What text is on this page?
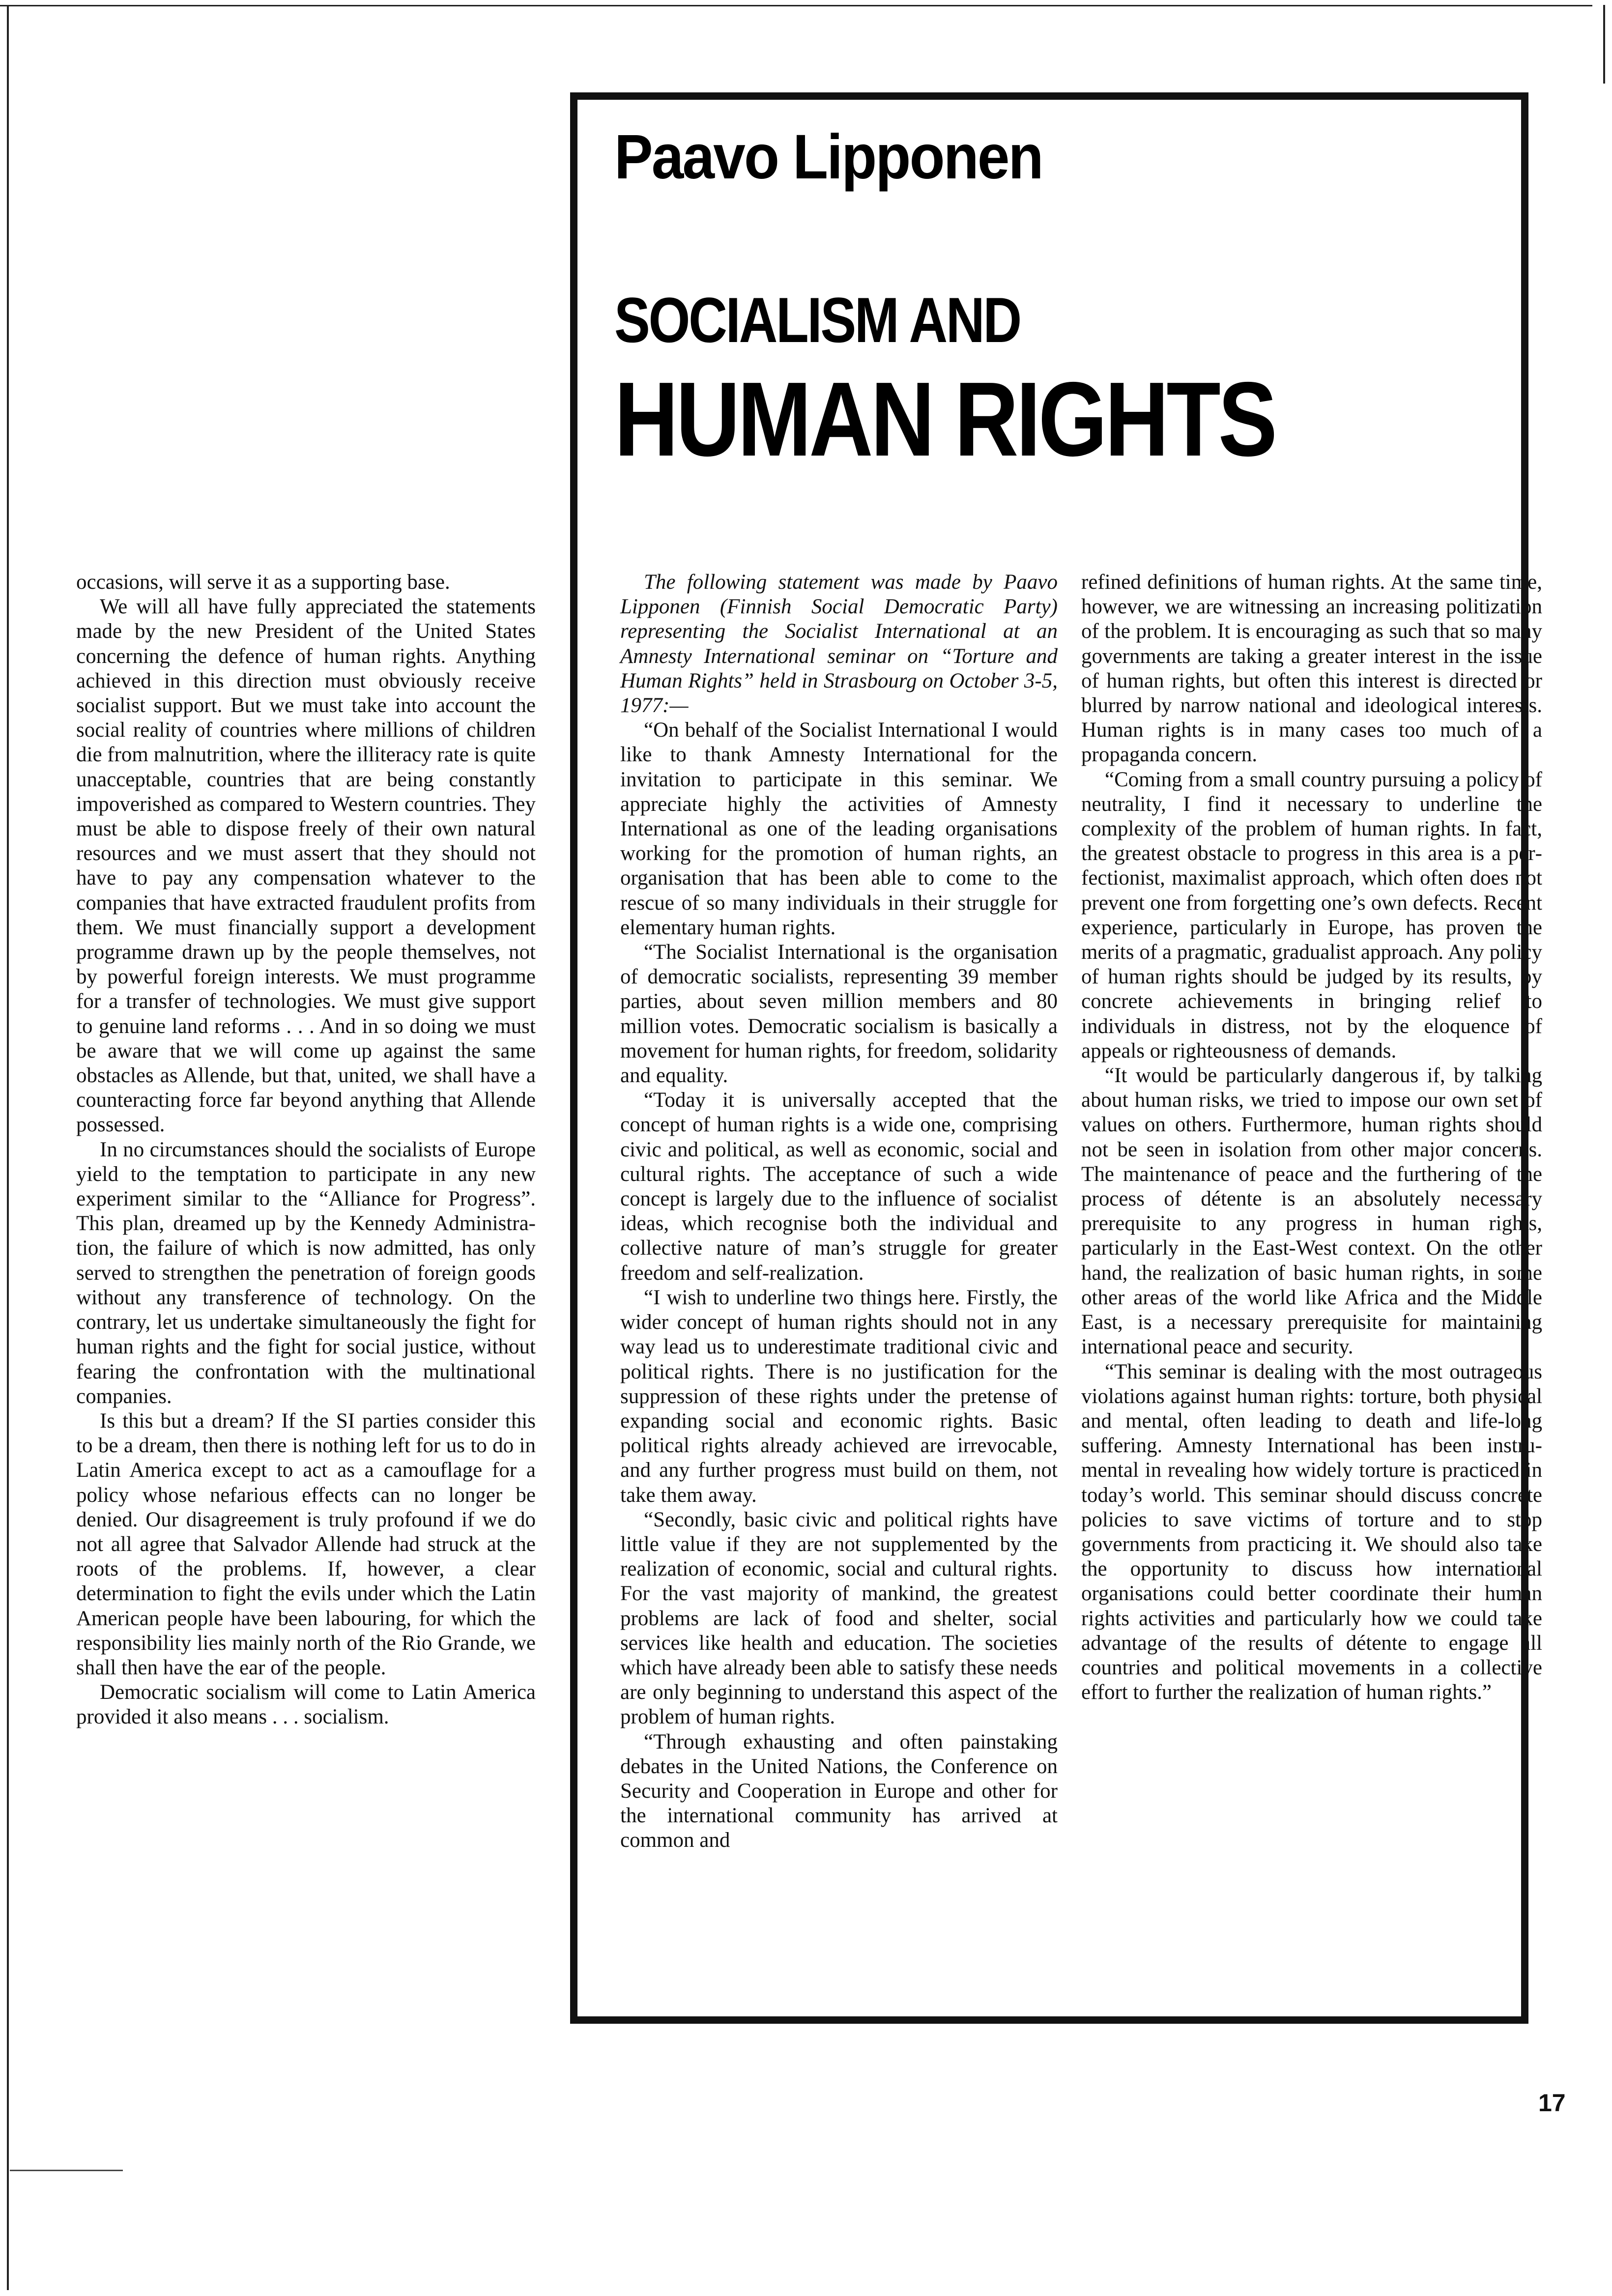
Paavo Lipponen
SOCIALISM AND
HUMAN RIGHTS

occasions, will serve it as a supporting base.

We will all have fully appreciated the statements made by the new President of the United States concerning the defence of human rights. Anything achieved in this direction must obviously receive socialist support. But we must take into account the social reality of countries where millions of children die from malnutrition, where the illiteracy rate is quite unacceptable, countries that are being constantly impoverished as compared to Western countries. They must be able to dispose freely of their own natural resources and we must assert that they should not have to pay any compensation whatever to the companies that have extracted fraudulent profits from them. We must financially support a development programme drawn up by the people themselves, not by powerful foreign interests. We must programme for a transfer of technologies. We must give support to genuine land reforms . . . And in so doing we must be aware that we will come up against the same obstacles as Allende, but that, united, we shall have a counteracting force far beyond anything that Allende possessed.

In no circumstances should the socialists of Europe yield to the temptation to participate in any new experiment similar to the “Alliance for Progress”. This plan, dreamed up by the Kennedy Administration, the failure of which is now admitted, has only served to strengthen the penetration of foreign goods without any transference of technology. On the contrary, let us undertake simultaneously the fight for human rights and the fight for social justice, without fearing the confrontation with the multinational companies.

Is this but a dream? If the SI parties consider this to be a dream, then there is nothing left for us to do in Latin America except to act as a camouflage for a policy whose nefarious effects can no longer be denied. Our disagreement is truly profound if we do not all agree that Salvador Allende had struck at the roots of the problems. If, however, a clear determination to fight the evils under which the Latin American people have been labouring, for which the responsibility lies mainly north of the Rio Grande, we shall then have the ear of the people.

Democratic socialism will come to Latin America provided it also means . . . socialism.

The following statement was made by Paavo Lipponen (Finnish Social Democratic Party) representing the Socialist International at an Amnesty International seminar on “Torture and Human Rights” held in Strasbourg on October 3-5, 1977:—

“On behalf of the Socialist International I would like to thank Amnesty International for the invitation to participate in this seminar. We appreciate highly the activities of Amnesty International as one of the leading organisations working for the promotion of human rights, an organisation that has been able to come to the rescue of so many individuals in their struggle for elementary human rights.

“The Socialist International is the organisation of democratic socialists, representing 39 member parties, about seven million members and 80 million votes. Democratic socialism is basically a movement for human rights, for freedom, solidarity and equality.

“Today it is universally accepted that the concept of human rights is a wide one, comprising civic and political, as well as economic, social and cultural rights. The acceptance of such a wide concept is largely due to the influence of socialist ideas, which recognise both the individual and collective nature of man’s struggle for greater freedom and self-realization.

“I wish to underline two things here. Firstly, the wider concept of human rights should not in any way lead us to underestimate traditional civic and political rights. There is no justification for the suppression of these rights under the pretense of expanding social and economic rights. Basic political rights already achieved are irrevocable, and any further progress must build on them, not take them away.

“Secondly, basic civic and political rights have little value if they are not supplemented by the realization of economic, social and cultural rights. For the vast majority of mankind, the greatest problems are lack of food and shelter, social services like health and education. The societies which have already been able to satisfy these needs are only beginning to understand this aspect of the problem of human rights.

“Through exhausting and often painstaking debates in the United Nations, the Conference on Security and Cooperation in Europe and other for the international community has arrived at common and

refined definitions of human rights. At the same time, however, we are witnessing an increasing politization of the problem. It is encouraging as such that so many governments are taking a greater interest in the issue of human rights, but often this interest is directed or blurred by narrow national and ideological interests. Human rights is in many cases too much of a propaganda concern.

“Coming from a small country pursuing a policy of neutrality, I find it necessary to underline the complexity of the problem of human rights. In fact, the greatest obstacle to progress in this area is a perfectionist, maximalist approach, which often does not prevent one from forgetting one’s own defects. Recent experience, particularly in Europe, has proven the merits of a pragmatic, gradualist approach. Any policy of human rights should be judged by its results, by concrete achievements in bringing relief to individuals in distress, not by the eloquence of appeals or righteousness of demands.

“It would be particularly dangerous if, by talking about human risks, we tried to impose our own set of values on others. Furthermore, human rights should not be seen in isolation from other major concerns. The maintenance of peace and the furthering of the process of détente is an absolutely necessary prerequisite to any progress in human rights, particularly in the East-West context. On the other hand, the realization of basic human rights, in some other areas of the world like Africa and the Middle East, is a necessary prerequisite for maintaining international peace and security.

“This seminar is dealing with the most outrageous violations against human rights: torture, both physical and mental, often leading to death and life-long suffering. Amnesty International has been instrumental in revealing how widely torture is practiced in today’s world. This seminar should discuss concrete policies to save victims of torture and to stop governments from practicing it. We should also take the opportunity to discuss how international organisations could better coordinate their human rights activities and particularly how we could take advantage of the results of détente to engage all countries and political movements in a collective effort to further the realization of human rights.”

17
